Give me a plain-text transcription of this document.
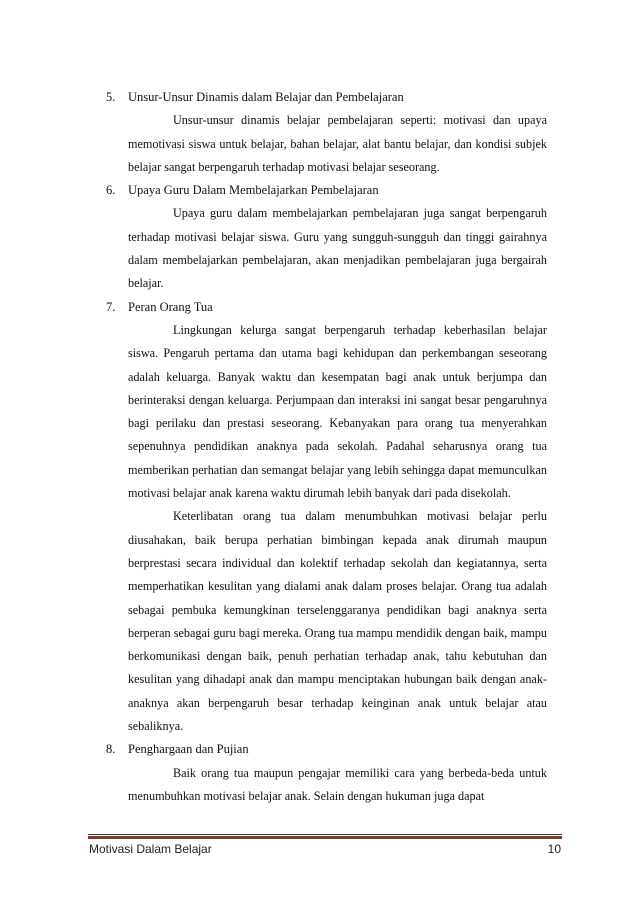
5. Unsur-Unsur Dinamis dalam Belajar dan Pembelajaran

Unsur-unsur dinamis belajar pembelajaran seperti: motivasi dan upaya memotivasi siswa untuk belajar, bahan belajar, alat bantu belajar, dan kondisi subjek belajar sangat berpengaruh terhadap motivasi belajar seseorang.

6. Upaya Guru Dalam Membelajarkan Pembelajaran

Upaya guru dalam membelajarkan pembelajaran juga sangat berpengaruh terhadap motivasi belajar siswa. Guru yang sungguh-sungguh dan tinggi gairahnya dalam membelajarkan pembelajaran, akan menjadikan pembelajaran juga bergairah belajar.

7. Peran Orang Tua

Lingkungan kelurga sangat berpengaruh terhadap keberhasilan belajar siswa. Pengaruh pertama dan utama bagi kehidupan dan perkembangan seseorang adalah keluarga. Banyak waktu dan kesempatan bagi anak untuk berjumpa dan berinteraksi dengan keluarga. Perjumpaan dan interaksi ini sangat besar pengaruhnya bagi perilaku dan prestasi seseorang. Kebanyakan para orang tua menyerahkan sepenuhnya pendidikan anaknya pada sekolah. Padahal seharusnya orang tua memberikan perhatian dan semangat belajar yang lebih sehingga dapat memunculkan motivasi belajar anak karena waktu dirumah lebih banyak dari pada disekolah.

Keterlibatan orang tua dalam menumbuhkan motivasi belajar perlu diusahakan, baik berupa perhatian bimbingan kepada anak dirumah maupun berprestasi secara individual dan kolektif terhadap sekolah dan kegiatannya, serta memperhatikan kesulitan yang dialami anak dalam proses belajar. Orang tua adalah sebagai pembuka kemungkinan terselenggaranya pendidikan bagi anaknya serta berperan sebagai guru bagi mereka. Orang tua mampu mendidik dengan baik, mampu berkomunikasi dengan baik, penuh perhatian terhadap anak, tahu kebutuhan dan kesulitan yang dihadapi anak dan mampu menciptakan hubungan baik dengan anak-anaknya akan berpengaruh besar terhadap keinginan anak untuk belajar atau sebaliknya.

8. Penghargaan dan Pujian

Baik orang tua maupun pengajar memiliki cara yang berbeda-beda untuk menumbuhkan motivasi belajar anak. Selain dengan hukuman juga dapat

Motivasi Dalam Belajar	10
